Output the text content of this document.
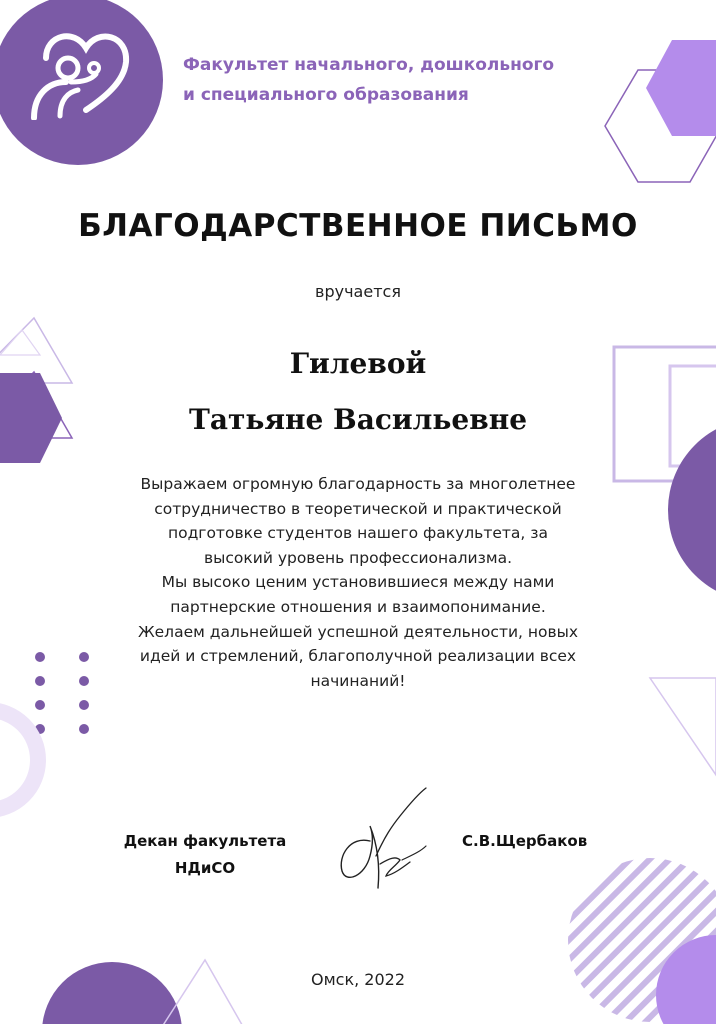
Факультет начального, дошкольного
и специального образования
БЛАГОДАРСТВЕННОЕ ПИСЬМО
вручается
Гилевой
Татьяне Васильевне
Выражаем огромную благодарность за многолетнее
сотрудничество в теоретической и практической
подготовке студентов нашего факультета, за
высокий уровень профессионализма.
Мы высоко ценим установившиеся между нами
партнерские отношения и взаимопонимание.
Желаем дальнейшей успешной деятельности, новых
идей и стремлений, благополучной реализации всех
начинаний!
Декан факультета
НДиСО
С.В.Щербаков
Омск, 2022
